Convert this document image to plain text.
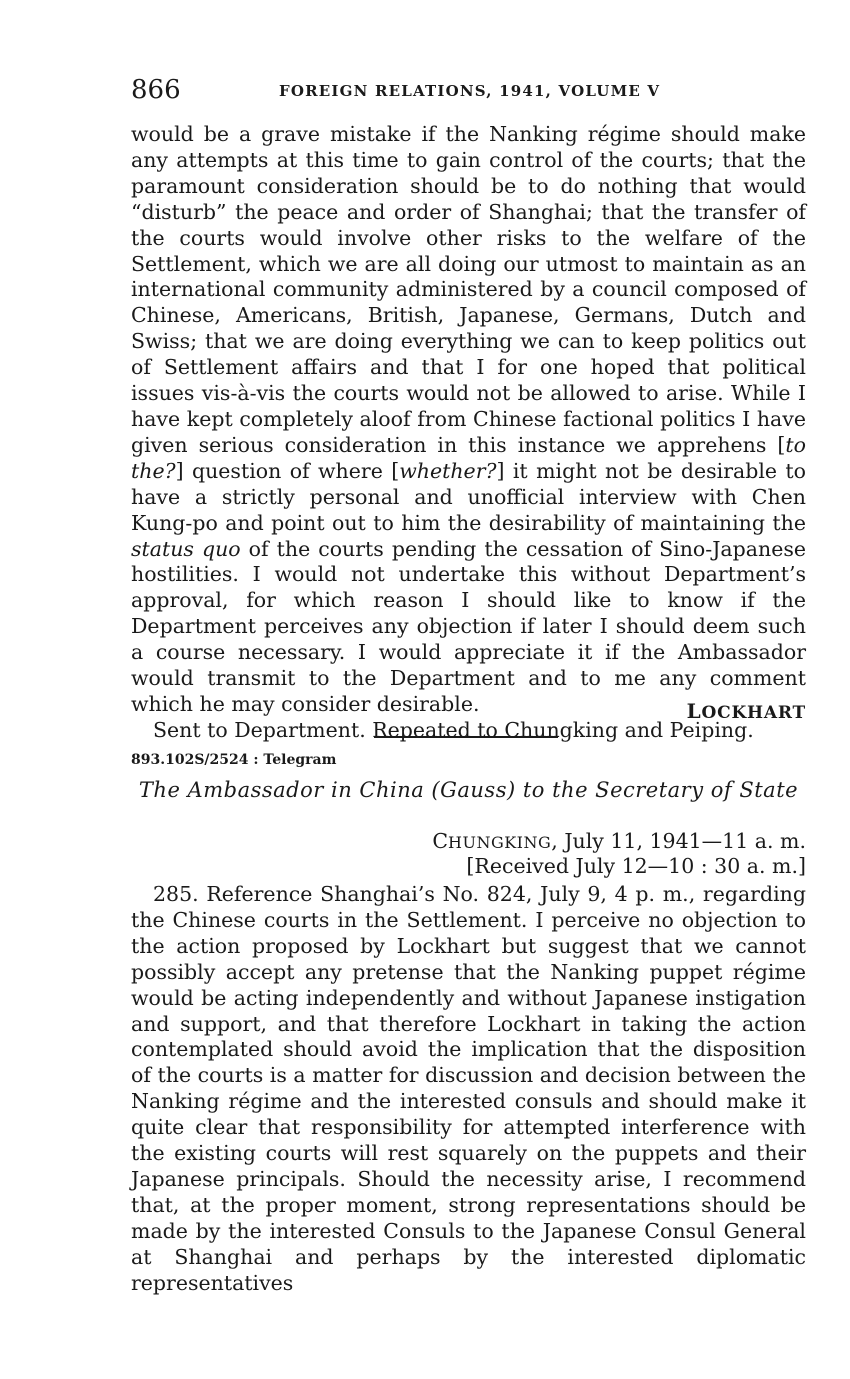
866	FOREIGN RELATIONS, 1941, VOLUME V

would be a grave mistake if the Nanking régime should make any attempts at this time to gain control of the courts; that the paramount consideration should be to do nothing that would “disturb” the peace and order of Shanghai; that the transfer of the courts would involve other risks to the welfare of the Settlement, which we are all doing our utmost to maintain as an international community administered by a council composed of Chinese, Americans, British, Japanese, Germans, Dutch and Swiss; that we are doing everything we can to keep politics out of Settlement affairs and that I for one hoped that political issues vis-à-vis the courts would not be allowed to arise. While I have kept completely aloof from Chinese factional politics I have given serious consideration in this instance we apprehens [to the?] question of where [whether?] it might not be desirable to have a strictly personal and unofficial interview with Chen Kung-po and point out to him the desirability of maintaining the status quo of the courts pending the cessation of Sino-Japanese hostilities. I would not undertake this without Department’s approval, for which reason I should like to know if the Department perceives any objection if later I should deem such a course necessary. I would appreciate it if the Ambassador would transmit to the Department and to me any comment which he may consider desirable.

Sent to Department. Repeated to Chungking and Peiping.

LOCKHART
893.102S/2524 : Telegram
The Ambassador in China (Gauss) to the Secretary of State
CHUNGKING, July 11, 1941—11 a. m.
[Received July 12—10 : 30 a. m.]

285. Reference Shanghai’s No. 824, July 9, 4 p. m., regarding the Chinese courts in the Settlement. I perceive no objection to the action proposed by Lockhart but suggest that we cannot possibly accept any pretense that the Nanking puppet régime would be acting independently and without Japanese instigation and support, and that therefore Lockhart in taking the action contemplated should avoid the implication that the disposition of the courts is a matter for discussion and decision between the Nanking régime and the interested consuls and should make it quite clear that responsibility for attempted interference with the existing courts will rest squarely on the puppets and their Japanese principals. Should the necessity arise, I recommend that, at the proper moment, strong representations should be made by the interested Consuls to the Japanese Consul General at Shanghai and perhaps by the interested diplomatic representatives
